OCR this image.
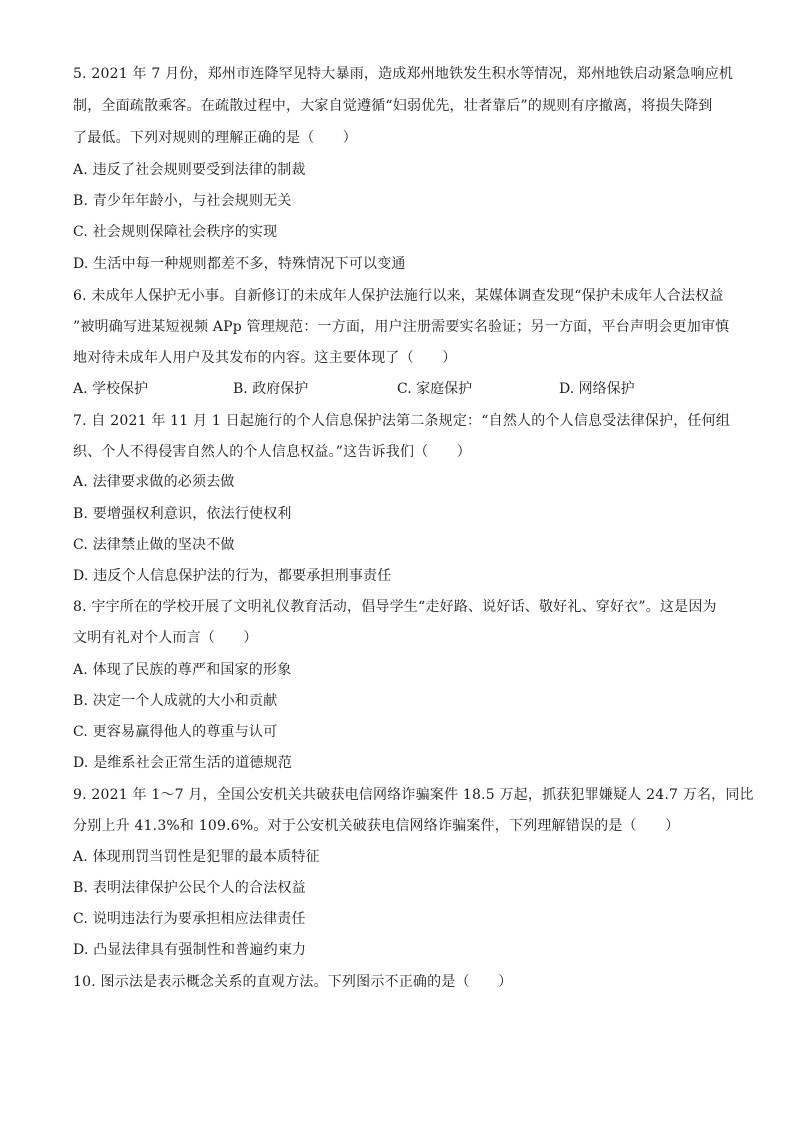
5. 2021 年 7 月份，郑州市连降罕见特大暴雨，造成郑州地铁发生积水等情况，郑州地铁启动紧急响应机
制，全面疏散乘客。在疏散过程中，大家自觉遵循“妇弱优先，壮者靠后”的规则有序撤离，将损失降到
了最低。下列对规则的理解正确的是（　　）
A. 违反了社会规则要受到法律的制裁
B. 青少年年龄小，与社会规则无关
C. 社会规则保障社会秩序的实现
D. 生活中每一种规则都差不多，特殊情况下可以变通
6. 未成年人保护无小事。自新修订的未成年人保护法施行以来，某媒体调查发现“保护未成年人合法权益
”被明确写进某短视频 APp 管理规范：一方面，用户注册需要实名验证；另一方面，平台声明会更加审慎
地对待未成年人用户及其发布的内容。这主要体现了（　　）
A. 学校保护	B. 政府保护	C. 家庭保护	D. 网络保护
7. 自 2021 年 11 月 1 日起施行的个人信息保护法第二条规定：“自然人的个人信息受法律保护，任何组
织、个人不得侵害自然人的个人信息权益。”这告诉我们（　　）
A. 法律要求做的必须去做
B. 要增强权利意识，依法行使权利
C. 法律禁止做的坚决不做
D. 违反个人信息保护法的行为，都要承担刑事责任
8. 宇宇所在的学校开展了文明礼仪教育活动，倡导学生“走好路、说好话、敬好礼、穿好衣”。这是因为
文明有礼对个人而言（　　）
A. 体现了民族的尊严和国家的形象
B. 决定一个人成就的大小和贡献
C. 更容易赢得他人的尊重与认可
D. 是维系社会正常生活的道德规范
9. 2021 年 1～7 月，全国公安机关共破获电信网络诈骗案件 18.5 万起，抓获犯罪嫌疑人 24.7 万名，同比
分别上升 41.3%和 109.6%。对于公安机关破获电信网络诈骗案件，下列理解错误的是（　　）
A. 体现刑罚当罚性是犯罪的最本质特征
B. 表明法律保护公民个人的合法权益
C. 说明违法行为要承担相应法律责任
D. 凸显法律具有强制性和普遍约束力
10. 图示法是表示概念关系的直观方法。下列图示不正确的是（　　）
